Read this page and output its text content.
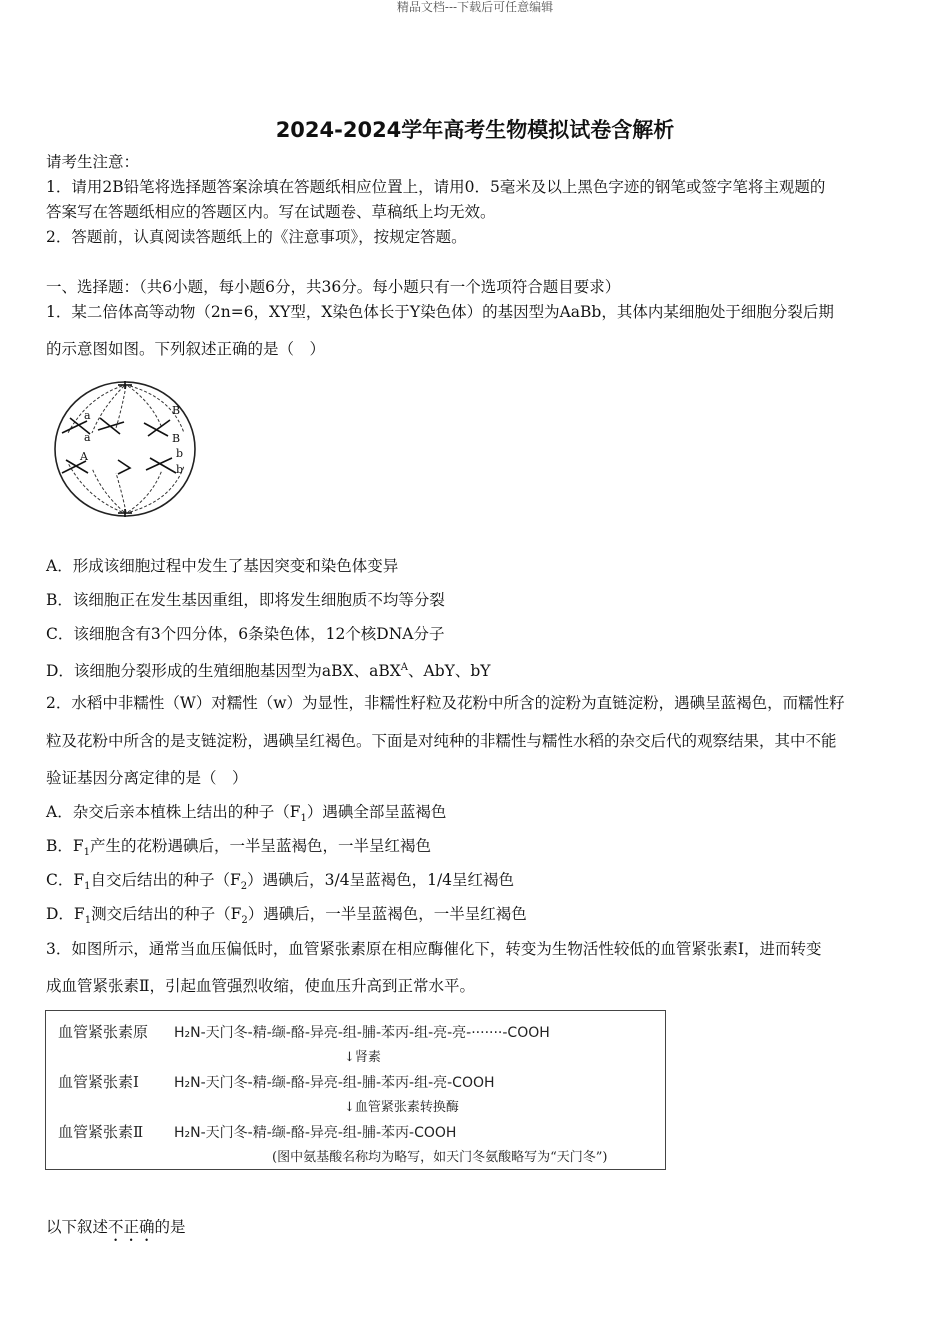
精品文档---下载后可任意编辑
2024-2024学年高考生物模拟试卷含解析
请考生注意：
1．请用2B铅笔将选择题答案涂填在答题纸相应位置上，请用0．5毫米及以上黑色字迹的钢笔或签字笔将主观题的
答案写在答题纸相应的答题区内。写在试题卷、草稿纸上均无效。
2．答题前，认真阅读答题纸上的《注意事项》，按规定答题。
一、选择题：（共6小题，每小题6分，共36分。每小题只有一个选项符合题目要求）
1．某二倍体高等动物（2n=6，XY型，X染色体长于Y染色体）的基因型为AaBb，其体内某细胞处于细胞分裂后期
的示意图如图。下列叙述正确的是（　）
a
a
B
B
A	b
b
A．形成该细胞过程中发生了基因突变和染色体变异
B．该细胞正在发生基因重组，即将发生细胞质不均等分裂
C．该细胞含有3个四分体，6条染色体，12个核DNA分子
D．该细胞分裂形成的生殖细胞基因型为aBX、aBX$^A$、AbY、bY
2．水稻中非糯性（W）对糯性（w）为显性，非糯性籽粒及花粉中所含的淀粉为直链淀粉，遇碘呈蓝褐色，而糯性籽
粒及花粉中所含的是支链淀粉，遇碘呈红褐色。下面是对纯种的非糯性与糯性水稻的杂交后代的观察结果，其中不能
验证基因分离定律的是（　）
A．杂交后亲本植株上结出的种子$(F_1)$遇碘全部呈蓝褐色
B．$F_1$产生的花粉遇碘后，一半呈蓝褐色，一半呈红褐色
C．$F_1$自交后结出的种子$(F_2)$遇碘后，3/4呈蓝褐色，1/4呈红褐色
D．$F_1$测交后结出的种子$(F_2)$遇碘后，一半呈蓝褐色，一半呈红褐色
3．如图所示，通常当血压偏低时，血管紧张素原在相应酶催化下，转变为生物活性较低的血管紧张素Ⅰ，进而转变
成血管紧张素Ⅱ，引起血管强烈收缩，使血压升高到正常水平。
血管紧张素原 H₂N-天门冬-精-缬-酪-异亮-组-脯-苯丙-组-亮-亮-·······-COOH
↓肾素
血管紧张素Ⅰ	H₂N-天门冬-精-缬-酪-异亮-组-脯-苯丙-组-亮-COOH
↓血管紧张素转换酶
血管紧张素Ⅱ H₂N-天门冬-精-缬-酪-异亮-组-脯-苯丙-COOH
(图中氨基酸名称均为略写，如天门冬氨酸略写为“天门冬”)
以下叙述不正确的是
